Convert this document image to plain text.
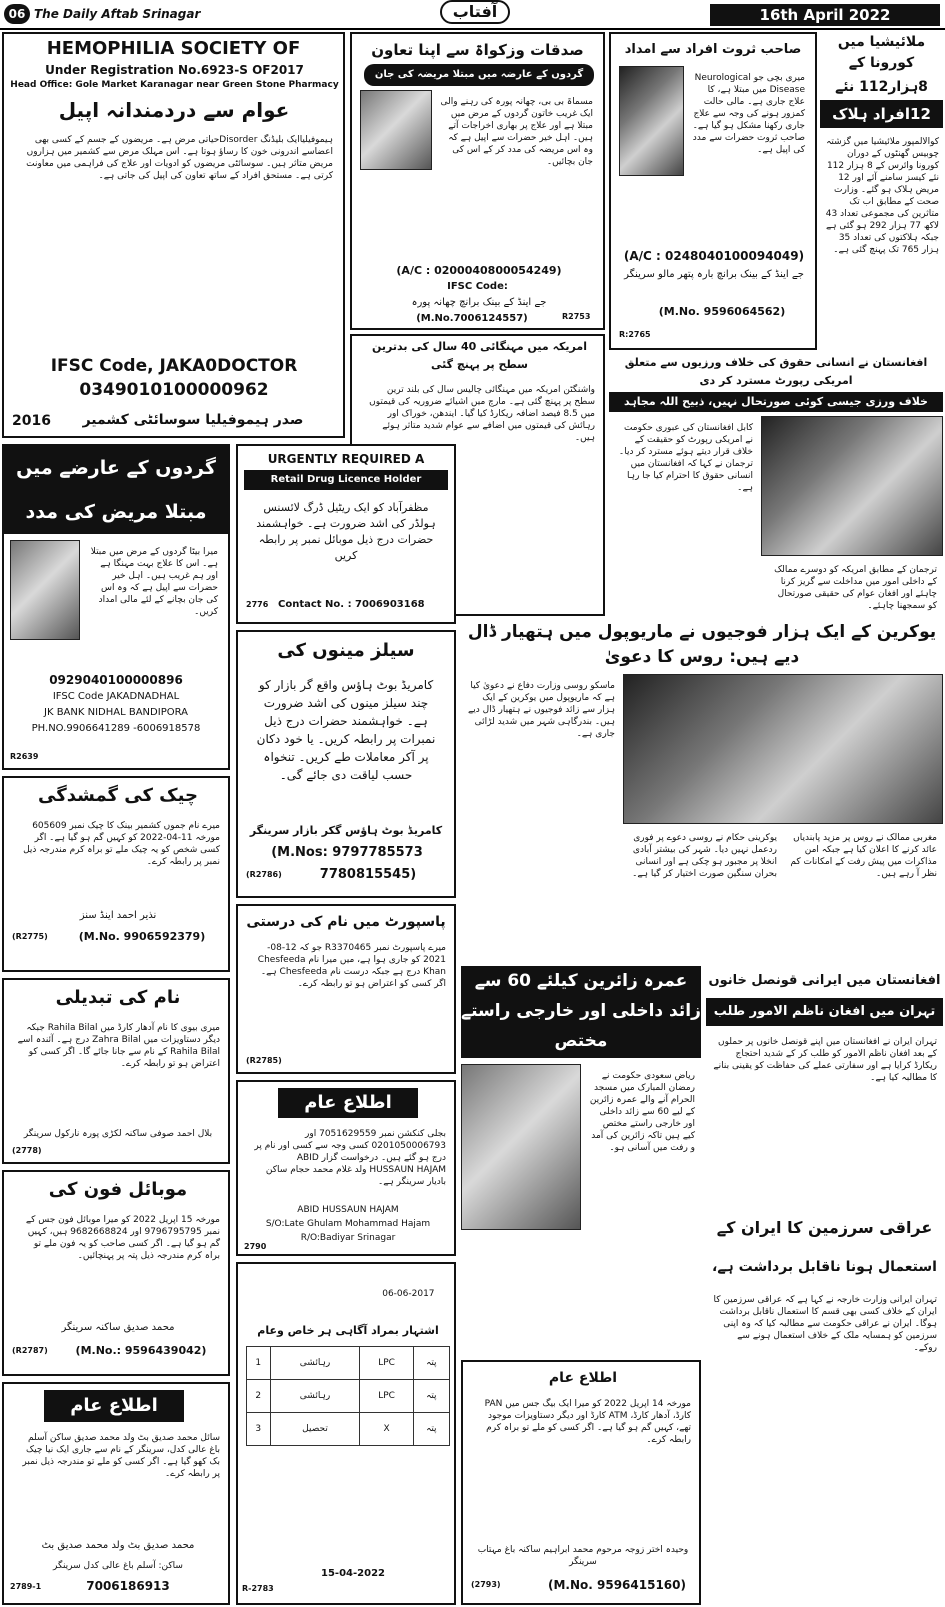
06 The Daily Aftab Srinagar	آفتاب	16th April 2022
HEMOPHILIA SOCIETY OF
Under Registration No.6923-S OF2017
Head Office: Gole Market Karanagar near Green Stone Pharmacy
عوام سے دردمندانہ اپیل
ہیموفیلیاایک بلیڈنگ Disorderحیاتی مرض ہے۔ مریضوں کے جسم کے کسی بھی اعضاسے اندرونی خون کا رساؤ ہوتا ہے۔ اس مہلک مرض سے کشمیر میں ہزاروں مریض متاثر ہیں۔ سوسائٹی مریضوں کو ادویات اور علاج کی فراہمی میں معاونت کرتی ہے۔ مستحق افراد کے ساتھ تعاون کی اپیل کی جاتی ہے۔
IFSC Code, JAKA0DOCTOR
0349010100000962
صدر ہیموفیلیا سوسائٹی کشمیر
2016
صدقات وزکواۃ سے اپنا تعاون
گردوں کے عارضہ میں مبتلا مریضہ کی جان
مسماۃ بی بی، چھانہ پورہ کی رہنے والی ایک غریب خاتون گردوں کے مرض میں مبتلا ہے اور علاج پر بھاری اخراجات آتے ہیں۔ اہل خیر حضرات سے اپیل ہے کہ وہ اس مریضہ کی مدد کر کے اس کی جان بچائیں۔
(A/C : 0200040800054249)
IFSC Code:
جے اینڈ کے بینک برانچ چھانہ پورہ
(M.No.7006124557)	R2753
صاحب ثروت افراد سے امداد
میری بچی جو Neurological Disease میں مبتلا ہے، کا علاج جاری ہے۔ مالی حالت کمزور ہونے کی وجہ سے علاج جاری رکھنا مشکل ہو گیا ہے۔ صاحب ثروت حضرات سے مدد کی اپیل ہے۔
(A/C : 0248040100094049)
جے اینڈ کے بینک برانچ بارہ پتھر مالو سرینگر
(M.No. 9596064562)
R:2765
ملائیشیا میں کورونا کے
8ہزار112 نئے
12افراد ہلاک
کوالالمپور ملائیشیا میں گزشتہ چوبیس گھنٹوں کے دوران کورونا وائرس کے 8 ہزار 112 نئے کیسز سامنے آئے اور 12 مریض ہلاک ہو گئے۔ وزارت صحت کے مطابق اب تک متاثرین کی مجموعی تعداد 43 لاکھ 77 ہزار 292 ہو گئی ہے جبکہ ہلاکتوں کی تعداد 35 ہزار 765 تک پہنچ گئی ہے۔
امریکہ میں مہنگائی 40 سال کی بدترین سطح پر پہنچ گئی
واشنگٹن امریکہ میں مہنگائی چالیس سال کی بلند ترین سطح پر پہنچ گئی ہے۔ مارچ میں اشیائے ضروریہ کی قیمتوں میں 8.5 فیصد اضافہ ریکارڈ کیا گیا۔ ایندھن، خوراک اور رہائش کی قیمتوں میں اضافے سے عوام شدید متاثر ہوئے ہیں۔
افغانستان نے انسانی حقوق کی خلاف ورزیوں سے متعلق امریکی رپورٹ مسترد کر دی
خلاف ورزی جیسی کوئی صورتحال نہیں، ذبیح اللہ مجاہد
کابل افغانستان کی عبوری حکومت نے امریکی رپورٹ کو حقیقت کے خلاف قرار دیتے ہوئے مسترد کر دیا۔ ترجمان نے کہا کہ افغانستان میں انسانی حقوق کا احترام کیا جا رہا ہے۔
ترجمان کے مطابق امریکہ کو دوسرے ممالک کے داخلی امور میں مداخلت سے گریز کرنا چاہئے اور افغان عوام کی حقیقی صورتحال کو سمجھنا چاہئے۔
گردوں کے عارضے میں مبتلا مریض کی مدد
میرا بیٹا گردوں کے مرض میں مبتلا ہے۔ اس کا علاج بہت مہنگا ہے اور ہم غریب ہیں۔ اہل خیر حضرات سے اپیل ہے کہ وہ اس کی جان بچانے کے لئے مالی امداد کریں۔
0929040100000896
IFSC Code JAKADNADHAL
JK BANK NIDHAL BANDIPORA
PH.NO.9906641289 -6006918578
R2639
URGENTLY REQUIRED A
Retail Drug Licence Holder
مظفرآباد کو ایک ریٹیل ڈرگ لائسنس ہولڈر کی اشد ضرورت ہے۔ خواہشمند حضرات درج ذیل موبائل نمبر پر رابطہ کریں
Contact No. : 7006903168
2776
سیلز مینوں کی
کامریڈ بوٹ ہاؤس واقع گر بازار کو چند سیلز مینوں کی اشد ضرورت ہے۔ خواہشمند حضرات درج ذیل نمبرات پر رابطہ کریں۔ یا خود دکان پر آکر معاملات طے کریں۔ تنخواہ حسب لیاقت دی جائے گی۔
کامریڈ بوٹ ہاؤس گکر بازار سرینگر
(M.Nos: 9797785573
7780815545)
(R2786)
چیک کی گمشدگی
میرے نام جموں کشمیر بینک کا چیک نمبر 605609 مورخہ 11-04-2022 کو کہیں گم ہو گیا ہے۔ اگر کسی شخص کو یہ چیک ملے تو براہ کرم مندرجہ ذیل نمبر پر رابطہ کرے۔
نذیر احمد اینڈ سنز
(M.No. 9906592379)
(R2775)
نام کی تبدیلی
میری بیوی کا نام آدھار کارڈ میں Rahila Bilal جبکہ دیگر دستاویزات میں Zahra Bilal درج ہے۔ آئندہ اسے Rahila Bilal کے نام سے جانا جائے گا۔ اگر کسی کو اعتراض ہو تو رابطہ کرے۔
بلال احمد صوفی ساکنہ لکڑی پورہ نارکول سرینگر
(2778)
موبائل فون کی
مورخہ 15 اپریل 2022 کو میرا موبائل فون جس کے نمبر 9796795795 اور 9682668824 ہیں، کہیں گم ہو گیا ہے۔ اگر کسی صاحب کو یہ فون ملے تو براہ کرم مندرجہ ذیل پتہ پر پہنچائیں۔
محمد صدیق ساکنہ سرینگر
(M.No.: 9596439042)
(R2787)
اطلاع عام
سائل محمد صدیق بٹ ولد محمد صدیق ساکن آسلم باغ عالی کدل، سرینگر کے نام سے جاری ایک نیا چیک بک کھو گیا ہے۔ اگر کسی کو ملے تو مندرجہ ذیل نمبر پر رابطہ کرے۔
محمد صدیق بٹ ولد محمد صدیق بٹ
ساکن: آسلم باغ عالی کدل سرینگر
7006186913
2789-1
پاسپورٹ میں نام کی درستی
میرے پاسپورٹ نمبر R3370465 جو کہ 12-08-2021 کو جاری ہوا ہے، میں میرا نام Chesfeeda Khan درج ہے جبکہ درست نام Chesfeeda ہے۔ اگر کسی کو اعتراض ہو تو رابطہ کرے۔
(R2785)
اطلاع عام
بجلی کنکشن نمبر 7051629559 اور 0201050006793 کسی وجہ سے کسی اور نام پر درج ہو گئے ہیں۔ درخواست گزار ABID HUSSAUN HAJAM ولد غلام محمد حجام ساکن بادیار سرینگر ہے۔
ABID HUSSAUN HAJAM
S/O:Late Ghulam Mohammad Hajam
R/O:Badiyar Srinagar
2790

06-06-2017

اشتہار بمراد آگاہی ہر خاص وعام
1	رہائشی	LPC	پتہ
2	رہائشی	LPC	پتہ
3	تحصیل	X	پتہ
15-04-2022
R-2783
یوکرین کے ایک ہزار فوجیوں نے ماریوپول میں ہتھیار ڈال دیے ہیں: روس کا دعویٰ
ماسکو روسی وزارت دفاع نے دعویٰ کیا ہے کہ ماریوپول میں یوکرین کے ایک ہزار سے زائد فوجیوں نے ہتھیار ڈال دیے ہیں۔ بندرگاہی شہر میں شدید لڑائی جاری ہے۔
یوکرینی حکام نے روسی دعوے پر فوری ردعمل نہیں دیا۔ شہر کی بیشتر آبادی انخلا پر مجبور ہو چکی ہے اور انسانی بحران سنگین صورت اختیار کر گیا ہے۔
مغربی ممالک نے روس پر مزید پابندیاں عائد کرنے کا اعلان کیا ہے جبکہ امن مذاکرات میں پیش رفت کے امکانات کم نظر آ رہے ہیں۔
عمرہ زائرین کیلئے 60 سے زائد داخلی اور خارجی راستے مختص
ریاض سعودی حکومت نے رمضان المبارک میں مسجد الحرام آنے والے عمرہ زائرین کے لیے 60 سے زائد داخلی اور خارجی راستے مختص کیے ہیں تاکہ زائرین کی آمد و رفت میں آسانی ہو۔
افغانستان میں ایرانی قونصل خانوں
تہران میں افغان ناظم الامور طلب
تہران ایران نے افغانستان میں اپنے قونصل خانوں پر حملوں کے بعد افغان ناظم الامور کو طلب کر کے شدید احتجاج ریکارڈ کرایا ہے اور سفارتی عملے کی حفاظت کو یقینی بنانے کا مطالبہ کیا ہے۔
عراقی سرزمین کا ایران کے
استعمال ہونا ناقابل برداشت ہے،
تہران ایرانی وزارت خارجہ نے کہا ہے کہ عراقی سرزمین کا ایران کے خلاف کسی بھی قسم کا استعمال ناقابل برداشت ہوگا۔ ایران نے عراقی حکومت سے مطالبہ کیا کہ وہ اپنی سرزمین کو ہمسایہ ملک کے خلاف استعمال ہونے سے روکے۔
اطلاع عام
مورخہ 14 اپریل 2022 کو میرا ایک بیگ جس میں PAN کارڈ، آدھار کارڈ، ATM کارڈ اور دیگر دستاویزات موجود تھے، کہیں گم ہو گیا ہے۔ اگر کسی کو ملے تو براہ کرم رابطہ کرے۔
وحیدہ اختر زوجہ مرحوم محمد ابراہیم ساکنہ باغ مہتاب سرینگر
(M.No. 9596415160)
(2793)
